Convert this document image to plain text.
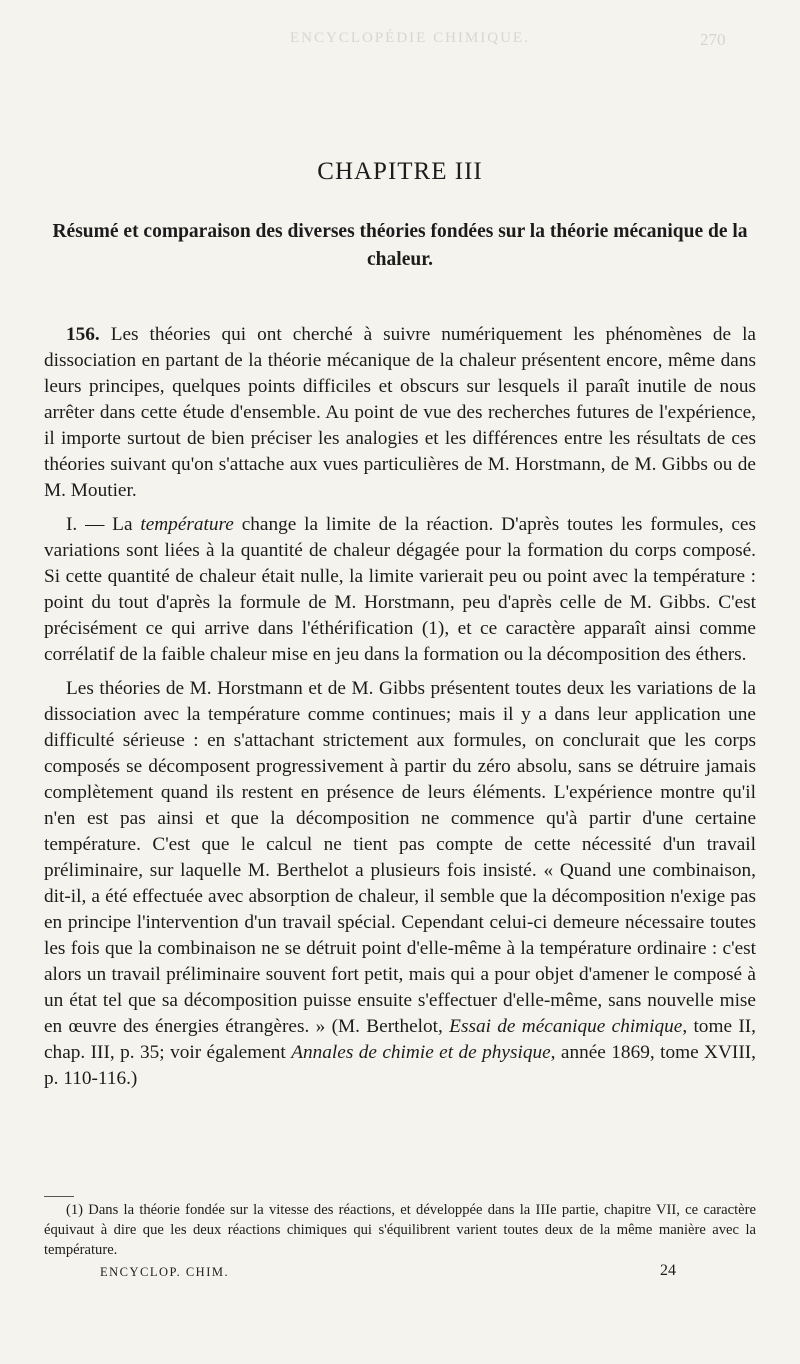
ENCYCLOPÉDIE CHIMIQUE.	270
CHAPITRE III
Résumé et comparaison des diverses théories fondées sur la théorie mécanique de la chaleur.

156. Les théories qui ont cherché à suivre numériquement les phénomènes de la dissociation en partant de la théorie mécanique de la chaleur présentent encore, même dans leurs principes, quelques points difficiles et obscurs sur lesquels il paraît inutile de nous arrêter dans cette étude d'ensemble. Au point de vue des recherches futures de l'expérience, il importe surtout de bien préciser les analogies et les différences entre les résultats de ces théories suivant qu'on s'attache aux vues particulières de M. Horstmann, de M. Gibbs ou de M. Moutier.

I. — La température change la limite de la réaction. D'après toutes les formules, ces variations sont liées à la quantité de chaleur dégagée pour la formation du corps composé. Si cette quantité de chaleur était nulle, la limite varierait peu ou point avec la température : point du tout d'après la formule de M. Horstmann, peu d'après celle de M. Gibbs. C'est précisément ce qui arrive dans l'éthérification (1), et ce caractère apparaît ainsi comme corrélatif de la faible chaleur mise en jeu dans la formation ou la décomposition des éthers.

Les théories de M. Horstmann et de M. Gibbs présentent toutes deux les variations de la dissociation avec la température comme continues; mais il y a dans leur application une difficulté sérieuse : en s'attachant strictement aux formules, on conclurait que les corps composés se décomposent progressivement à partir du zéro absolu, sans se détruire jamais complètement quand ils restent en présence de leurs éléments. L'expérience montre qu'il n'en est pas ainsi et que la décomposition ne commence qu'à partir d'une certaine température. C'est que le calcul ne tient pas compte de cette nécessité d'un travail préliminaire, sur laquelle M. Berthelot a plusieurs fois insisté. « Quand une combinaison, dit-il, a été effectuée avec absorption de chaleur, il semble que la décomposition n'exige pas en principe l'intervention d'un travail spécial. Cependant celui-ci demeure nécessaire toutes les fois que la combinaison ne se détruit point d'elle-même à la température ordinaire : c'est alors un travail préliminaire souvent fort petit, mais qui a pour objet d'amener le composé à un état tel que sa décomposition puisse ensuite s'effectuer d'elle-même, sans nouvelle mise en œuvre des énergies étrangères. » (M. Berthelot, Essai de mécanique chimique, tome II, chap. III, p. 35; voir également Annales de chimie et de physique, année 1869, tome XVIII, p. 110-116.)

(1) Dans la théorie fondée sur la vitesse des réactions, et développée dans la IIIe partie, chapitre VII, ce caractère équivaut à dire que les deux réactions chimiques qui s'équilibrent varient toutes deux de la même manière avec la température.

ENCYCLOP. CHIM.	24
